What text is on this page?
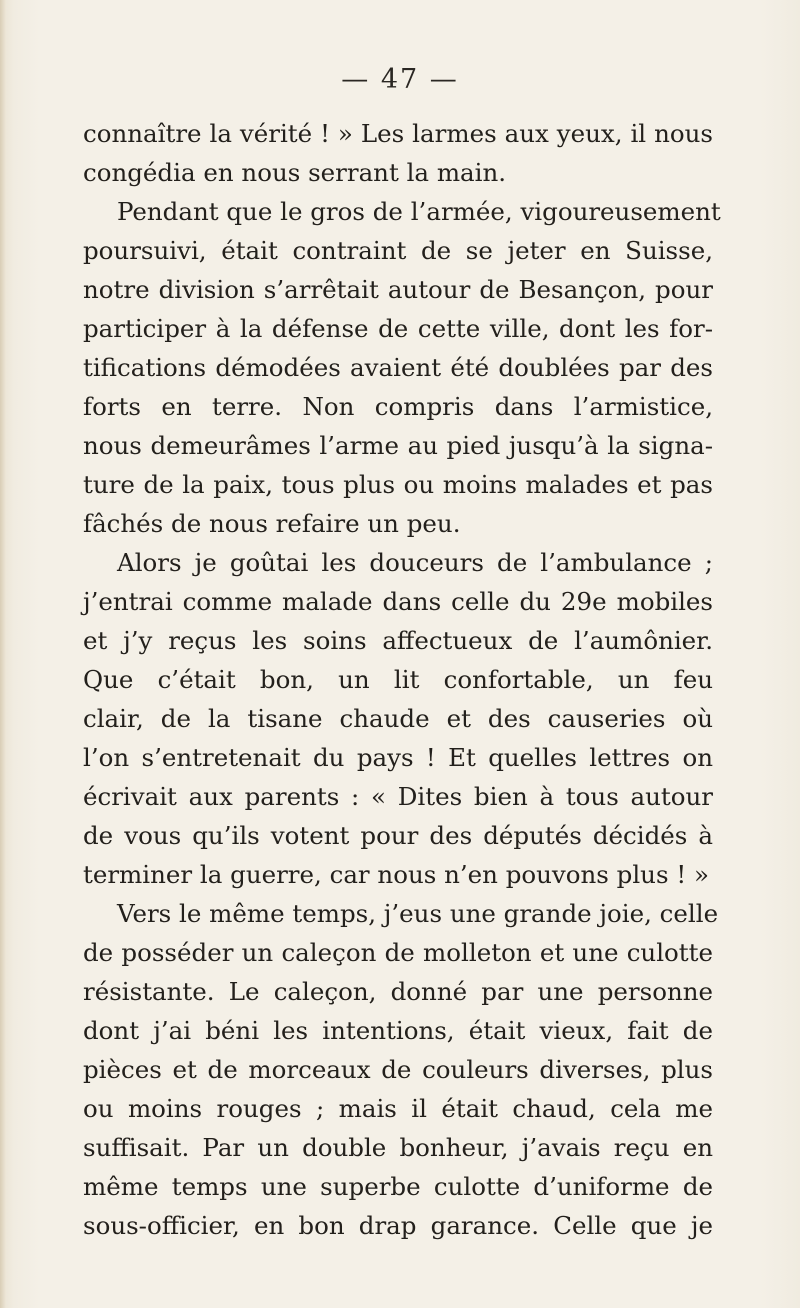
— 47 —
connaître la vérité ! » Les larmes aux yeux, il nous
congédia en nous serrant la main.
Pendant que le gros de l’armée, vigoureusement
poursuivi, était contraint de se jeter en Suisse,
notre division s’arrêtait autour de Besançon, pour
participer à la défense de cette ville, dont les for-
tifications démodées avaient été doublées par des
forts en terre. Non compris dans l’armistice,
nous demeurâmes l’arme au pied jusqu’à la signa-
ture de la paix, tous plus ou moins malades et pas
fâchés de nous refaire un peu.
Alors je goûtai les douceurs de l’ambulance ;
j’entrai comme malade dans celle du 29e mobiles
et j’y reçus les soins affectueux de l’aumônier.
Que c’était bon, un lit confortable, un feu
clair, de la tisane chaude et des causeries où
l’on s’entretenait du pays ! Et quelles lettres on
écrivait aux parents : « Dites bien à tous autour
de vous qu’ils votent pour des députés décidés à
terminer la guerre, car nous n’en pouvons plus ! »
Vers le même temps, j’eus une grande joie, celle
de posséder un caleçon de molleton et une culotte
résistante. Le caleçon, donné par une personne
dont j’ai béni les intentions, était vieux, fait de
pièces et de morceaux de couleurs diverses, plus
ou moins rouges ; mais il était chaud, cela me
suffisait. Par un double bonheur, j’avais reçu en
même temps une superbe culotte d’uniforme de
sous-officier, en bon drap garance. Celle que je
